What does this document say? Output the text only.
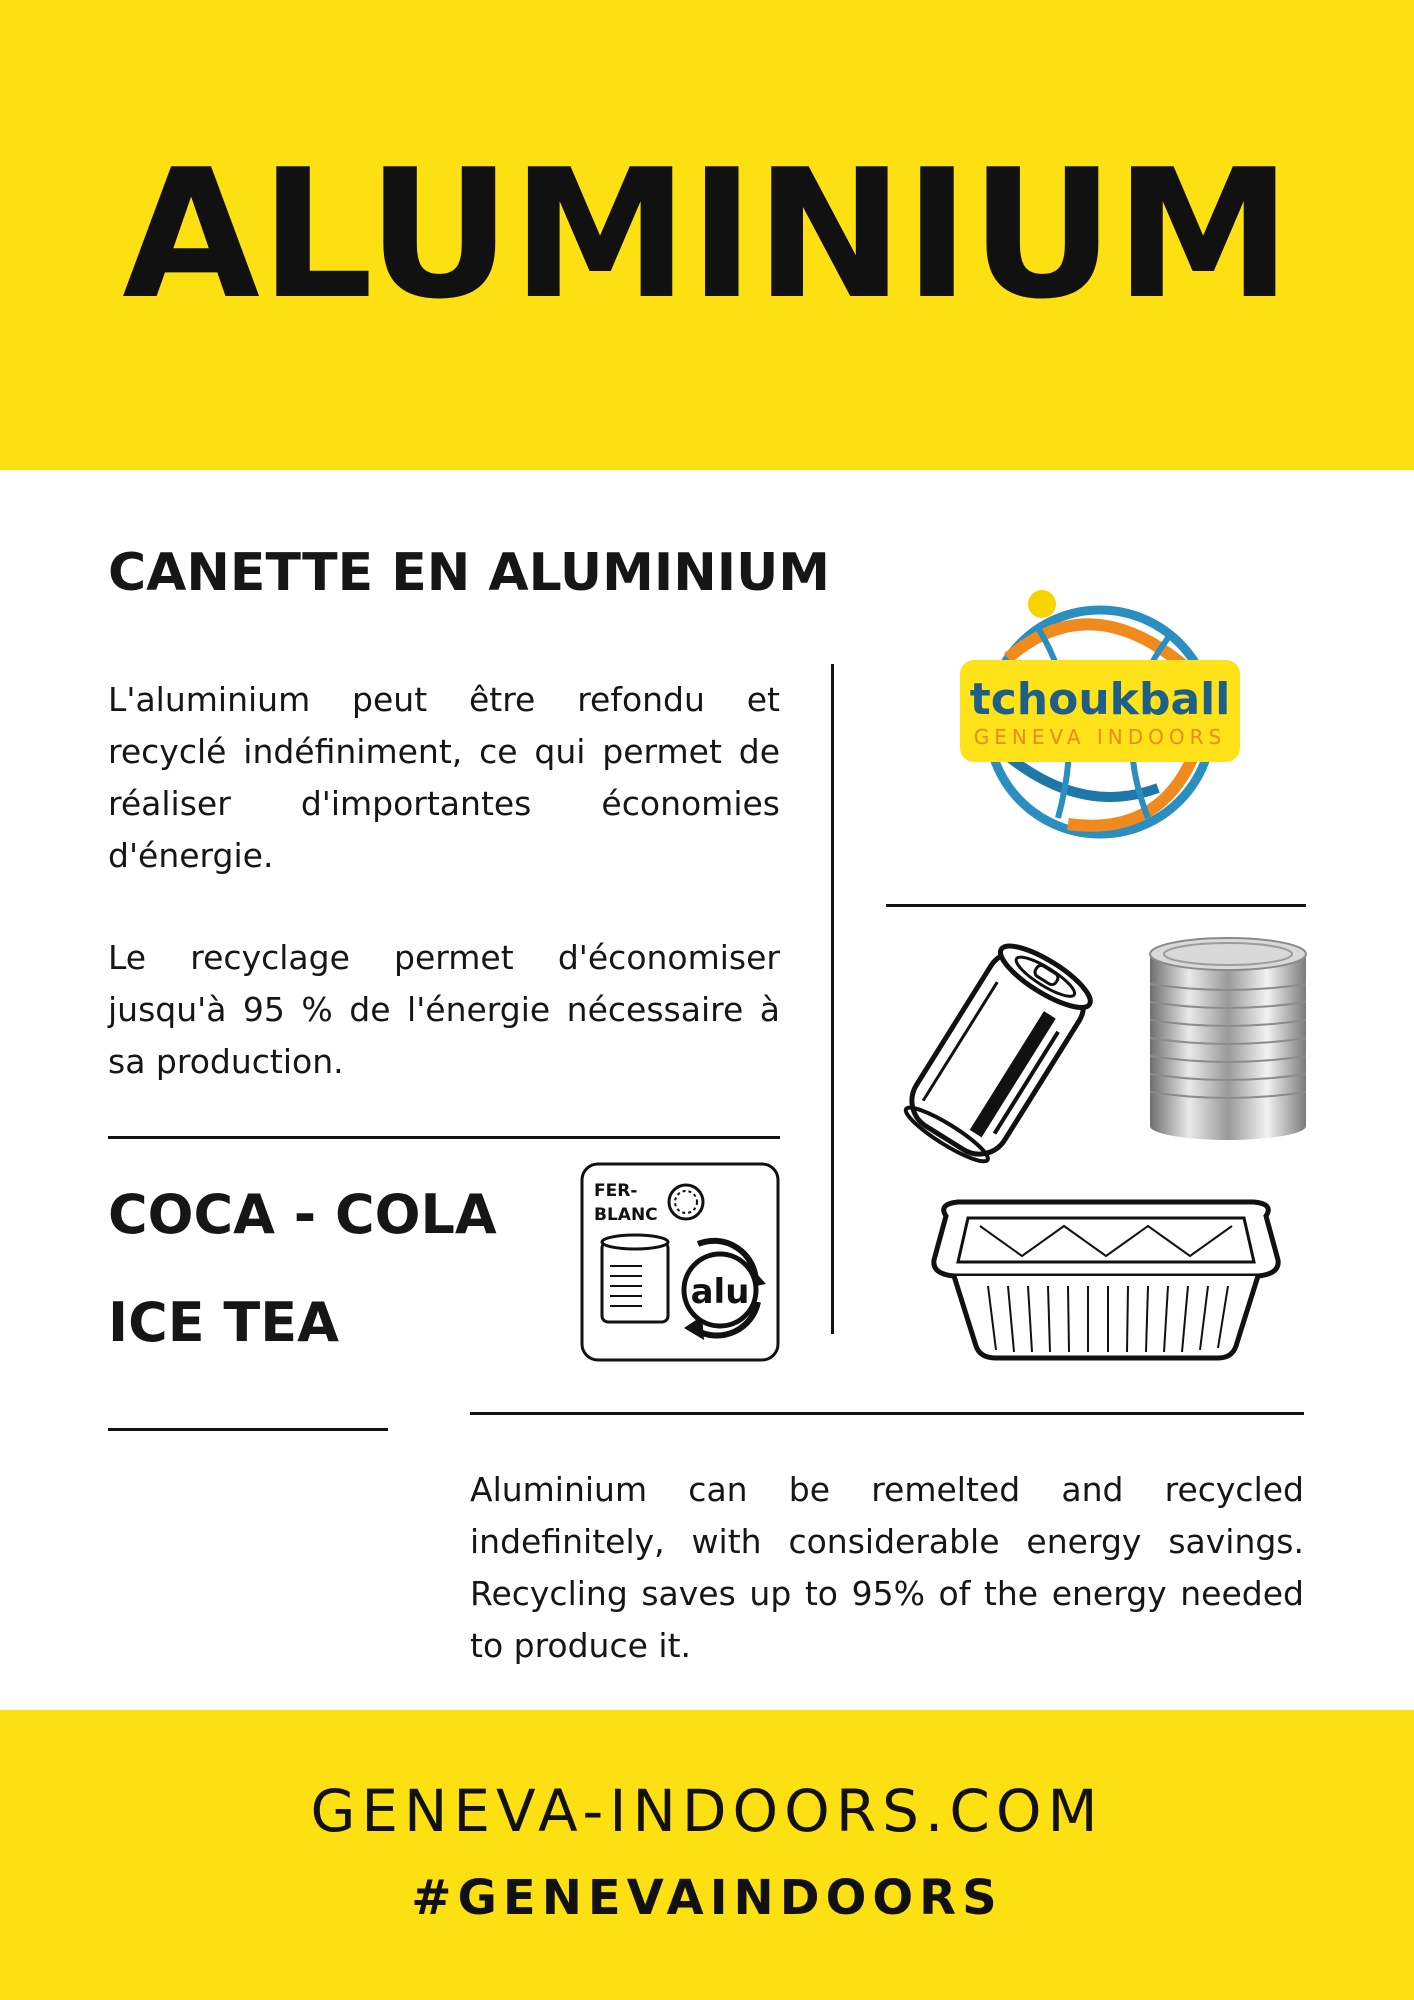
ALUMINIUM
CANETTE EN ALUMINIUM

L'aluminium peut être refondu et recyclé indéfiniment, ce qui permet de réaliser d'importantes économies d'énergie.

Le recyclage permet d'économiser jusqu'à 95 % de l'énergie nécessaire à sa production.

COCA - COLA
ICE TEA
FER-
BLANC
alu
tchoukball
GENEVA INDOORS

Aluminium can be remelted and recycled indefinitely, with considerable energy savings. Recycling saves up to 95% of the energy needed to produce it.

GENEVA-INDOORS.COM
#GENEVAINDOORS
